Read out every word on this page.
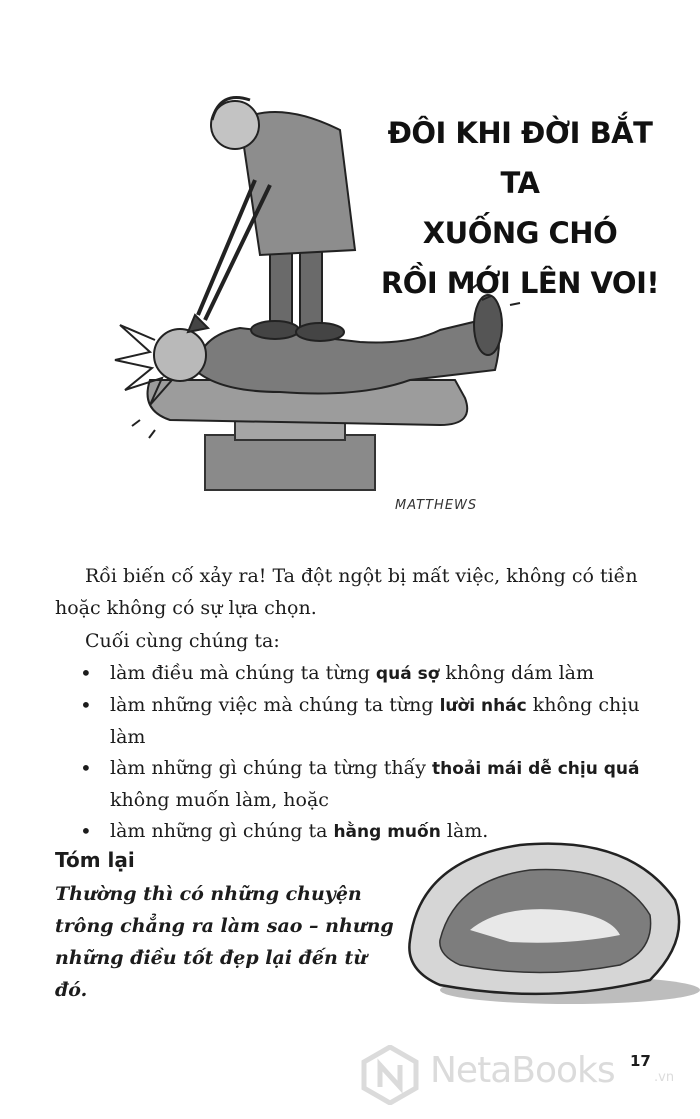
ĐÔI KHI ĐỜI BẮT TA
XUỐNG CHÓ
RỒI MỚI LÊN VOI!
MATTHEWS

Rồi biến cố xảy ra! Ta đột ngột bị mất việc, không có tiền hoặc không có sự lựa chọn.

Cuối cùng chúng ta:

• làm điều mà chúng ta từng quá sợ không dám làm
• làm những việc mà chúng ta từng lười nhác không chịu làm
• làm những gì chúng ta từng thấy thoải mái dễ chịu quá không muốn làm, hoặc
• làm những gì chúng ta hằng muốn làm.
Tóm lại

Thường thì có những chuyện trông chẳng ra làm sao – nhưng những điều tốt đẹp lại đến từ đó.

17
NetaBooks	.vn
